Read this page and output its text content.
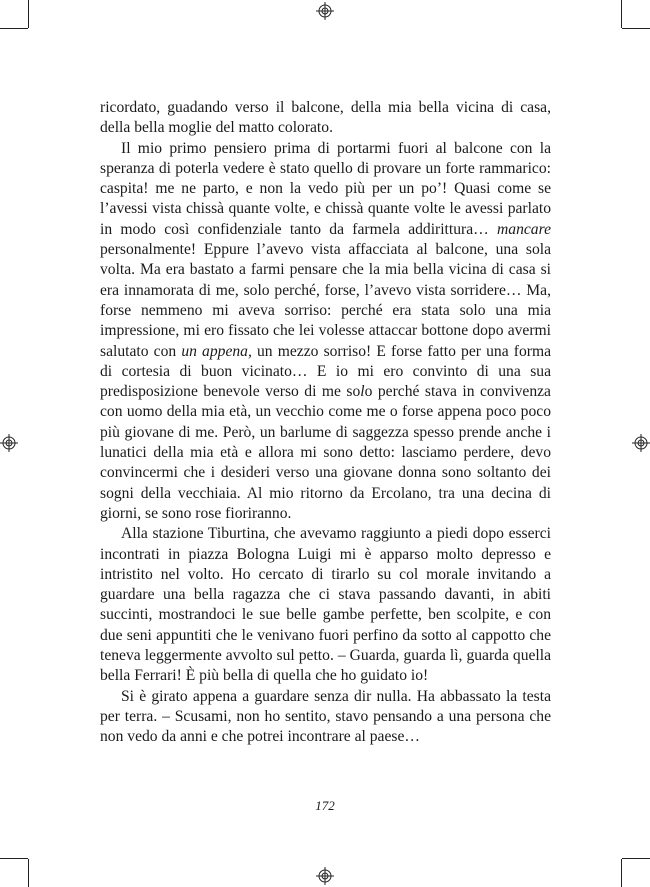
ricordato, guadando verso il balcone, della mia bella vicina di casa, della bella moglie del matto colorato.

Il mio primo pensiero prima di portarmi fuori al balcone con la speranza di poterla vedere è stato quello di provare un forte rammarico: caspita! me ne parto, e non la vedo più per un po’! Quasi come se l’avessi vista chissà quante volte, e chissà quante volte le avessi parlato in modo così confidenziale tanto da farmela addirittura… mancare personalmente! Eppure l’avevo vista affacciata al balcone, una sola volta. Ma era bastato a farmi pensare che la mia bella vicina di casa si era innamorata di me, solo perché, forse, l’avevo vista sorridere… Ma, forse nemmeno mi aveva sorriso: perché era stata solo una mia impressione, mi ero fissato che lei volesse attaccar bottone dopo avermi salutato con un appena, un mezzo sorriso! E forse fatto per una forma di cortesia di buon vicinato… E io mi ero convinto di una sua predisposizione benevole verso di me solo perché stava in convivenza con uomo della mia età, un vecchio come me o forse appena poco poco più giovane di me. Però, un barlume di saggezza spesso prende anche i lunatici della mia età e allora mi sono detto: lasciamo perdere, devo convincermi che i desideri verso una giovane donna sono soltanto dei sogni della vecchiaia. Al mio ritorno da Ercolano, tra una decina di giorni, se sono rose fioriranno.

Alla stazione Tiburtina, che avevamo raggiunto a piedi dopo esserci incontrati in piazza Bologna Luigi mi è apparso molto depresso e intristito nel volto. Ho cercato di tirarlo su col morale invitando a guardare una bella ragazza che ci stava passando davanti, in abiti succinti, mostrandoci le sue belle gambe perfette, ben scolpite, e con due seni appuntiti che le venivano fuori perfino da sotto al cappotto che teneva leggermente avvolto sul petto. – Guarda, guarda lì, guarda quella bella Ferrari! È più bella di quella che ho guidato io!

Si è girato appena a guardare senza dir nulla. Ha abbassato la testa per terra. – Scusami, non ho sentito, stavo pensando a una persona che non vedo da anni e che potrei incontrare al paese…

172
